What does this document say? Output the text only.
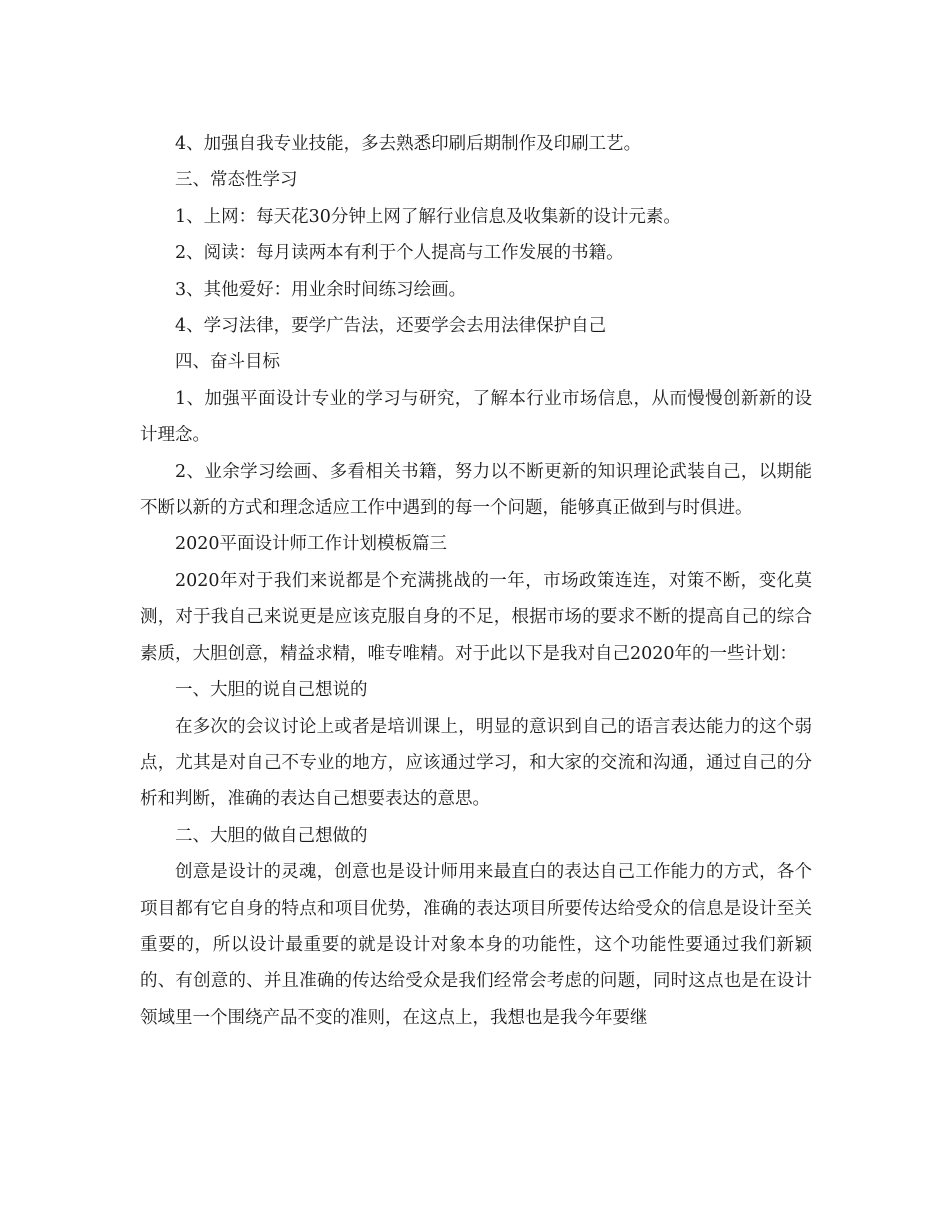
4、加强自我专业技能，多去熟悉印刷后期制作及印刷工艺。

三、常态性学习

1、上网：每天花30分钟上网了解行业信息及收集新的设计元素。

2、阅读：每月读两本有利于个人提高与工作发展的书籍。

3、其他爱好：用业余时间练习绘画。

4、学习法律，要学广告法，还要学会去用法律保护自己

四、奋斗目标

1、加强平面设计专业的学习与研究，了解本行业市场信息，从而慢慢创新新的设计理念。

2、业余学习绘画、多看相关书籍，努力以不断更新的知识理论武装自己，以期能不断以新的方式和理念适应工作中遇到的每一个问题，能够真正做到与时俱进。

2020平面设计师工作计划模板篇三

2020年对于我们来说都是个充满挑战的一年，市场政策连连，对策不断，变化莫测，对于我自己来说更是应该克服自身的不足，根据市场的要求不断的提高自己的综合素质，大胆创意，精益求精，唯专唯精。对于此以下是我对自己2020年的一些计划：

一、大胆的说自己想说的

在多次的会议讨论上或者是培训课上，明显的意识到自己的语言表达能力的这个弱点，尤其是对自己不专业的地方，应该通过学习，和大家的交流和沟通，通过自己的分析和判断，准确的表达自己想要表达的意思。

二、大胆的做自己想做的

创意是设计的灵魂，创意也是设计师用来最直白的表达自己工作能力的方式，各个项目都有它自身的特点和项目优势，准确的表达项目所要传达给受众的信息是设计至关重要的，所以设计最重要的就是设计对象本身的功能性，这个功能性要通过我们新颖的、有创意的、并且准确的传达给受众是我们经常会考虑的问题，同时这点也是在设计领域里一个围绕产品不变的准则，在这点上，我想也是我今年要继
